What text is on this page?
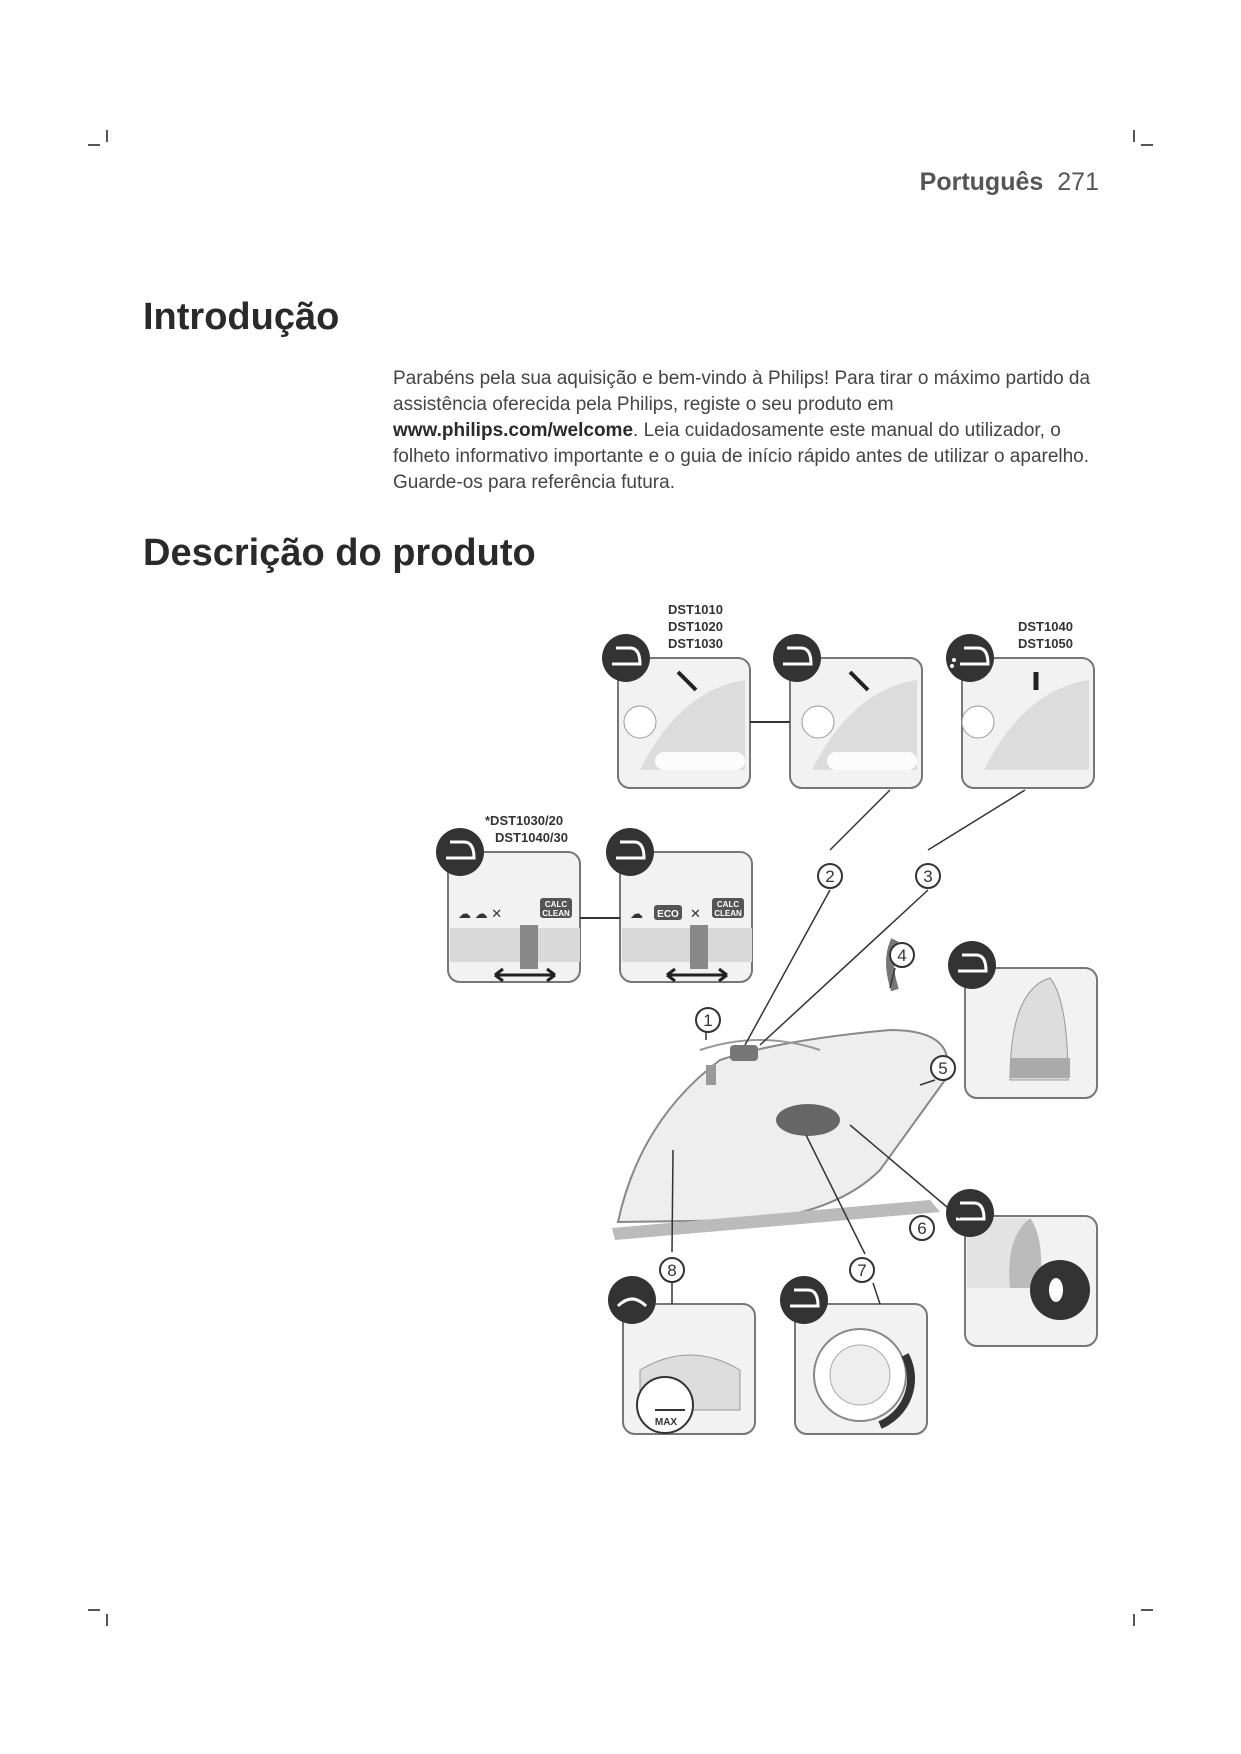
Português 271
Introdução

Parabéns pela sua aquisição e bem-vindo à Philips! Para tirar o máximo partido da assistência oferecida pela Philips, registe o seu produto em www.philips.com/welcome. Leia cuidadosamente este manual do utilizador, o folheto informativo importante e o guia de início rápido antes de utilizar o aparelho. Guarde-os para referência futura.

Descrição do produto
DST1010
DST1020
DST1030
DST1040
DST1050
*DST1030/20
DST1040/30
☁ ☁ ✕
CALC
CLEAN	☁ ECO ✕
CALC
CLEAN
MAX
1
2	3
4
5
6
7
8
